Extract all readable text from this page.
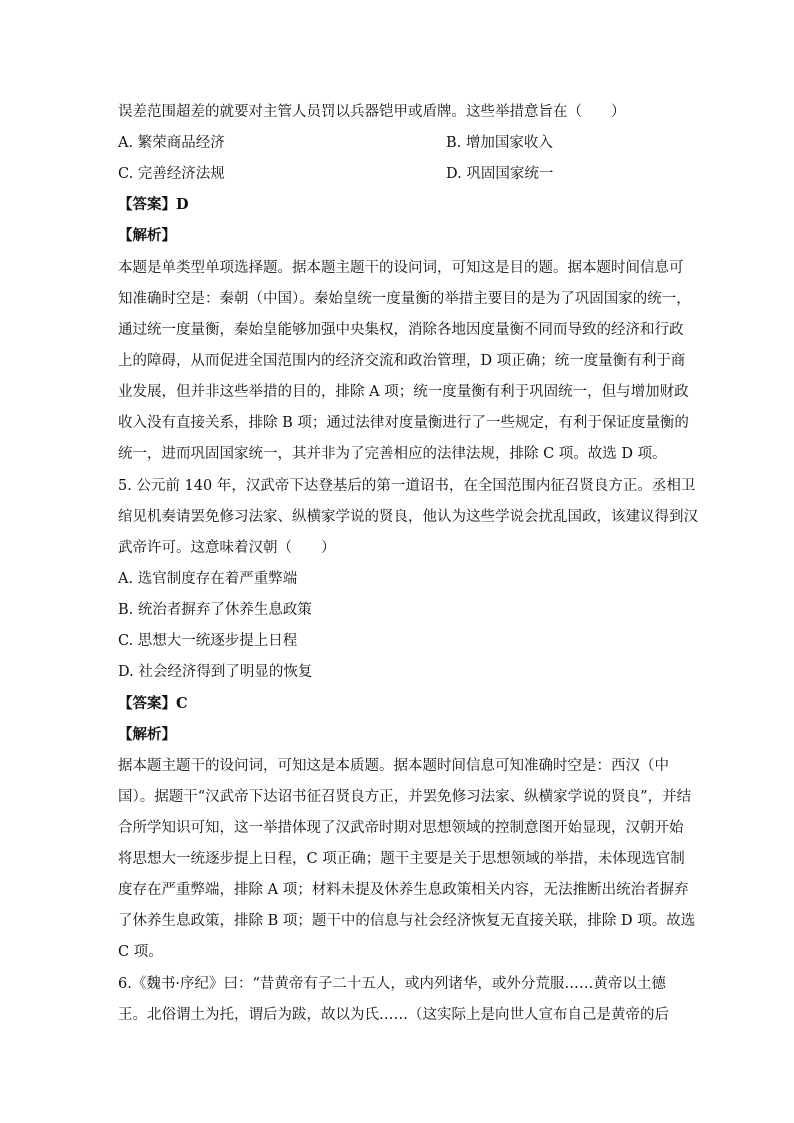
误差范围超差的就要对主管人员罚以兵器铠甲或盾牌。这些举措意旨在（　　）
A. 繁荣商品经济	B. 增加国家收入
C. 完善经济法规	D. 巩固国家统一
【答案】D
【解析】
本题是单类型单项选择题。据本题主题干的设问词，可知这是目的题。据本题时间信息可
知准确时空是：秦朝（中国）。秦始皇统一度量衡的举措主要目的是为了巩固国家的统一，
通过统一度量衡，秦始皇能够加强中央集权，消除各地因度量衡不同而导致的经济和行政
上的障碍，从而促进全国范围内的经济交流和政治管理，D 项正确；统一度量衡有利于商
业发展，但并非这些举措的目的，排除 A 项；统一度量衡有利于巩固统一，但与增加财政
收入没有直接关系，排除 B 项；通过法律对度量衡进行了一些规定，有利于保证度量衡的
统一，进而巩固国家统一，其并非为了完善相应的法律法规，排除 C 项。故选 D 项。
5. 公元前 140 年，汉武帝下达登基后的第一道诏书，在全国范围内征召贤良方正。丞相卫
绾见机奏请罢免修习法家、纵横家学说的贤良，他认为这些学说会扰乱国政，该建议得到汉
武帝许可。这意味着汉朝（　　）
A. 选官制度存在着严重弊端
B. 统治者摒弃了休养生息政策
C. 思想大一统逐步提上日程
D. 社会经济得到了明显的恢复
【答案】C
【解析】
据本题主题干的设问词，可知这是本质题。据本题时间信息可知准确时空是：西汉（中
国）。据题干“汉武帝下达诏书征召贤良方正，并罢免修习法家、纵横家学说的贤良”，并结
合所学知识可知，这一举措体现了汉武帝时期对思想领域的控制意图开始显现，汉朝开始
将思想大一统逐步提上日程，C 项正确；题干主要是关于思想领域的举措，未体现选官制
度存在严重弊端，排除 A 项；材料未提及休养生息政策相关内容，无法推断出统治者摒弃
了休养生息政策，排除 B 项；题干中的信息与社会经济恢复无直接关联，排除 D 项。故选
C 项。
6.《魏书·序纪》曰：“昔黄帝有子二十五人，或内列诸华，或外分荒服……黄帝以土德
王。北俗谓土为托，谓后为跋，故以为氏……（这实际上是向世人宣布自己是黄帝的后
